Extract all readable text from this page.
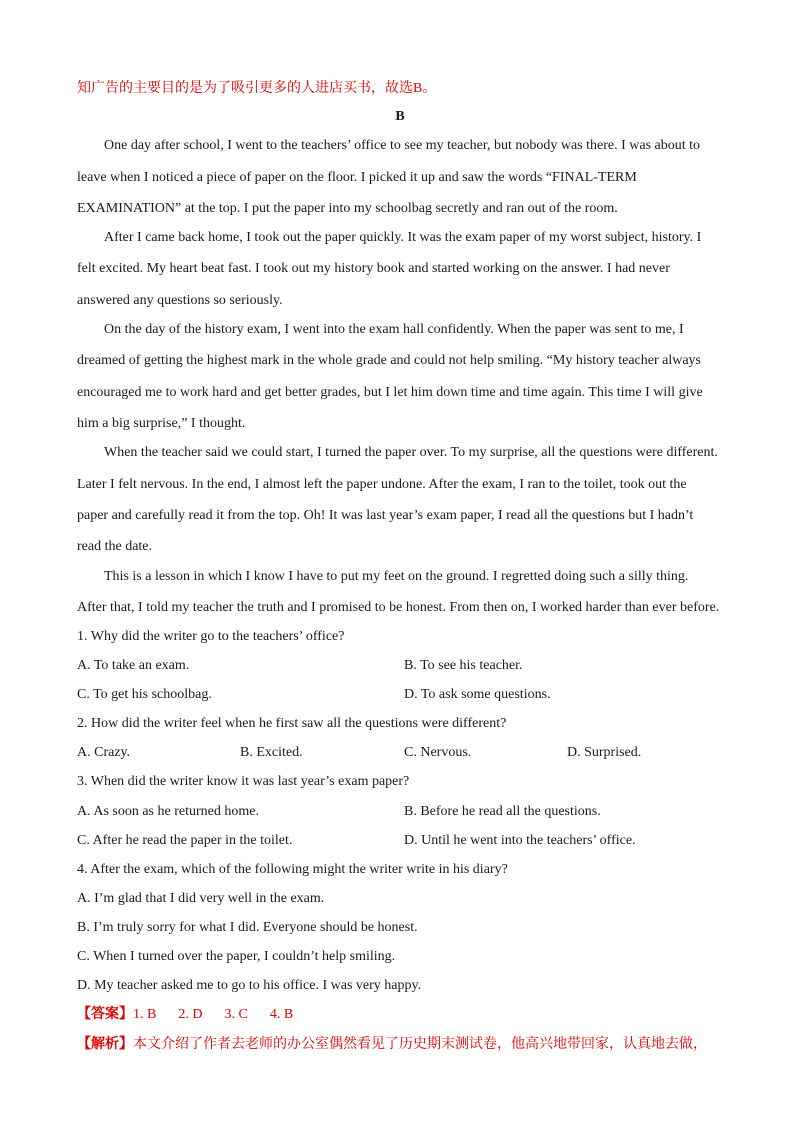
知广告的主要目的是为了吸引更多的人进店买书，故选B。
B
One day after school, I went to the teachers’ office to see my teacher, but nobody was there. I was about to
leave when I noticed a piece of paper on the floor. I picked it up and saw the words “FINAL-TERM
EXAMINATION” at the top. I put the paper into my schoolbag secretly and ran out of the room.
After I came back home, I took out the paper quickly. It was the exam paper of my worst subject, history. I
felt excited. My heart beat fast. I took out my history book and started working on the answer. I had never
answered any questions so seriously.
On the day of the history exam, I went into the exam hall confidently. When the paper was sent to me, I
dreamed of getting the highest mark in the whole grade and could not help smiling. “My history teacher always
encouraged me to work hard and get better grades, but I let him down time and time again. This time I will give
him a big surprise,” I thought.
When the teacher said we could start, I turned the paper over. To my surprise, all the questions were different.
Later I felt nervous. In the end, I almost left the paper undone. After the exam, I ran to the toilet, took out the
paper and carefully read it from the top. Oh! It was last year’s exam paper, I read all the questions but I hadn’t
read the date.
This is a lesson in which I know I have to put my feet on the ground. I regretted doing such a silly thing.
After that, I told my teacher the truth and I promised to be honest. From then on, I worked harder than ever before.
1. Why did the writer go to the teachers’ office?
A. To take an exam.	B. To see his teacher.
C. To get his schoolbag.	D. To ask some questions.
2. How did the writer feel when he first saw all the questions were different?
A. Crazy.	B. Excited.	C. Nervous.	D. Surprised.
3. When did the writer know it was last year’s exam paper?
A. As soon as he returned home.	B. Before he read all the questions.
C. After he read the paper in the toilet.	D. Until he went into the teachers’ office.
4. After the exam, which of the following might the writer write in his diary?
A. I’m glad that I did very well in the exam.
B. I’m truly sorry for what I did. Everyone should be honest.
C. When I turned over the paper, I couldn’t help smiling.
D. My teacher asked me to go to his office. I was very happy.
【答案】1. B 2. D 3. C 4. B
【解析】本文介绍了作者去老师的办公室偶然看见了历史期末测试卷，他高兴地带回家，认真地去做，
